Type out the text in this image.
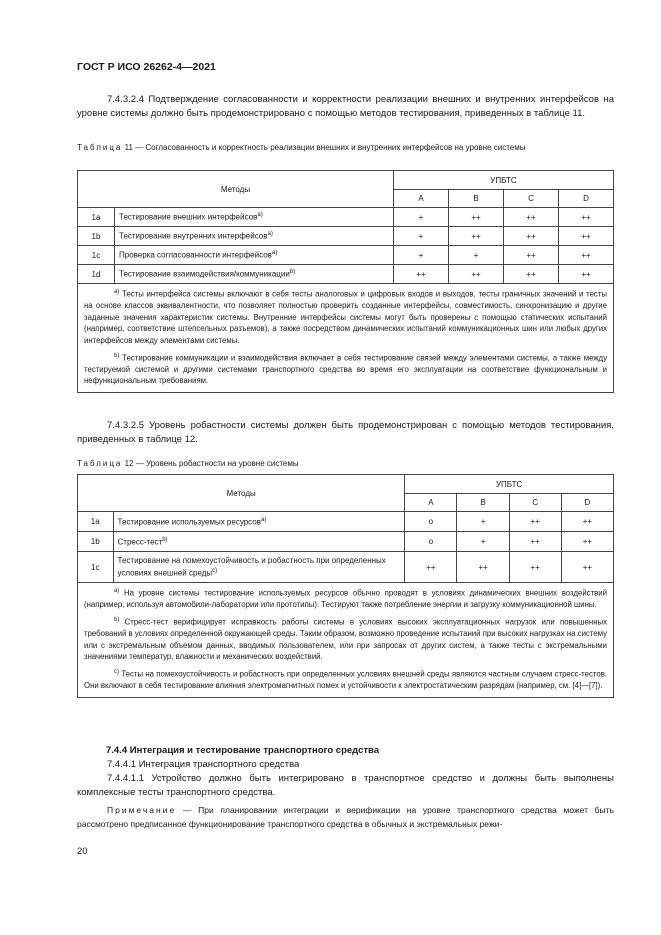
ГОСТ Р ИСО 26262-4—2021
7.4.3.2.4 Подтверждение согласованности и корректности реализации внешних и внутренних интерфейсов на уровне системы должно быть продемонстрировано с помощью методов тестирования, приведенных в таблице 11.
Таблица 11 — Согласованность и корректность реализации внешних и внутренних интерфейсов на уровне системы
Методы		УПБТС			
		A	B	C	D
1a	Тестирование внешних интерфейсов$^{a)}$	+	++	++	++
1b	Тестирование внутренних интерфейсов$^{a)}$	+	++	++	++
1c	Проверка согласованности интерфейсов$^{a)}$	+	+	++	++
1d	Тестирование взаимодействия/коммуникации$^{b)}$	++	++	++	++

$^{a)}$ Тесты интерфейса системы включают в себя тесты аналоговых и цифровых входов и выходов, тесты граничных значений и тесты на основе классов эквивалентности, что позволяет полностью проверить созданные интерфейсы, совместимость, синхронизацию и другие заданные значения характеристик системы. Внутренние интерфейсы системы могут быть проверены с помощью статических испытаний (например, соответствие штепсельных разъемов), а также посредством динамических испытаний коммуникационных шин или любых других интерфейсов между элементами системы.

$^{b)}$ Тестирование коммуникации и взаимодействия включает в себя тестирование связей между элементами системы, а также между тестируемой системой и другими системами транспортного средства во время его эксплуатации на соответствие функциональным и нефункциональным требованиям.					

7.4.3.2.5 Уровень робастности системы должен быть продемонстрирован с помощью методов тестирования, приведенных в таблице 12.
Таблица 12 — Уровень робастности на уровне системы
Методы		УПБТС			
		A	B	C	D
1a	Тестирование используемых ресурсов$^{a)}$	o	+	++	++
1b	Стресс-тест$^{b)}$	o	+	++	++
1c	Тестирование на помехоустойчивость и робастность при определенных условиях внешней среды$^{c)}$	++	++	++	++

$^{a)}$ На уровне системы тестирование используемых ресурсов обычно проводят в условиях динамических внешних воздействий (например, используя автомобили-лаборатории или прототипы). Тестируют также потребление энергии и загрузку коммуникационной шины.

$^{b)}$ Стресс-тест верифицирует исправность работы системы в условиях высоких эксплуатационных нагрузок или повышенных требований в условиях определенной окружающей среды. Таким образом, возможно проведение испытаний при высоких нагрузках на систему или с экстремальным объемом данных, вводимых пользователем, или при запросах от других систем, а также тесты с экстремальными значениями температур, влажности и механических воздействий.

$^{c)}$ Тесты на помехоустойчивость и робастность при определенных условиях внешней среды являются частным случаем стресс-тестов. Они включают в себя тестирование влияния электромагнитных помех и устойчивости к электростатическим разрядам (например, см. [4]—[7]).					

7.4.4 Интеграция и тестирование транспортного средства
7.4.4.1 Интеграция транспортного средства
7.4.4.1.1 Устройство должно быть интегрировано в транспортное средство и должны быть выполнены комплексные тесты транспортного средства.
Примечание — При планировании интеграции и верификации на уровне транспортного средства может быть рассмотрено предписанное функционирование транспортного средства в обычных и экстремальных режи-
20
